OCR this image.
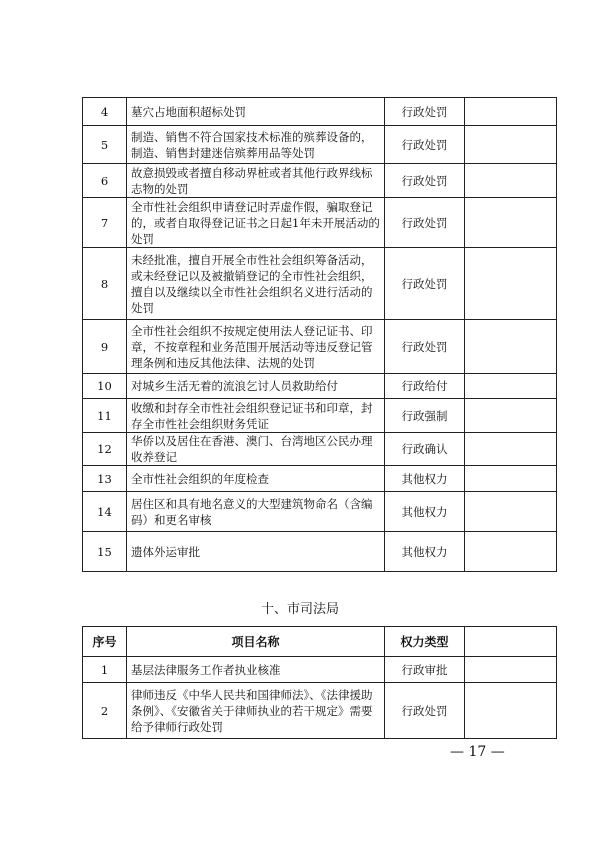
4	墓穴占地面积超标处罚	行政处罚	
5	制造、销售不符合国家技术标准的殡葬设备的，制造、销售封建迷信殡葬用品等处罚	行政处罚	
6	故意损毁或者擅自移动界桩或者其他行政界线标志物的处罚	行政处罚	
7	全市性社会组织申请登记时弄虚作假，骗取登记的，或者自取得登记证书之日起1年未开展活动的处罚	行政处罚	
8	未经批准，擅自开展全市性社会组织筹备活动，或未经登记以及被撤销登记的全市性社会组织，擅自以及继续以全市性社会组织名义进行活动的处罚	行政处罚	
9	全市性社会组织不按规定使用法人登记证书、印章，不按章程和业务范围开展活动等违反登记管理条例和违反其他法律、法规的处罚	行政处罚	
10	对城乡生活无着的流浪乞讨人员救助给付	行政给付	
11	收缴和封存全市性社会组织登记证书和印章，封存全市性社会组织财务凭证	行政强制	
12	华侨以及居住在香港、澳门、台湾地区公民办理收养登记	行政确认	
13	全市性社会组织的年度检查	其他权力	
14	居住区和具有地名意义的大型建筑物命名（含编码）和更名审核	其他权力	
15	遗体外运审批	其他权力	
十、市司法局
序号	项目名称	权力类型	
1	基层法律服务工作者执业核准	行政审批	
2	律师违反《中华人民共和国律师法》、《法律援助条例》、《安徽省关于律师执业的若干规定》需要给予律师行政处罚	行政处罚	
— 17 —
